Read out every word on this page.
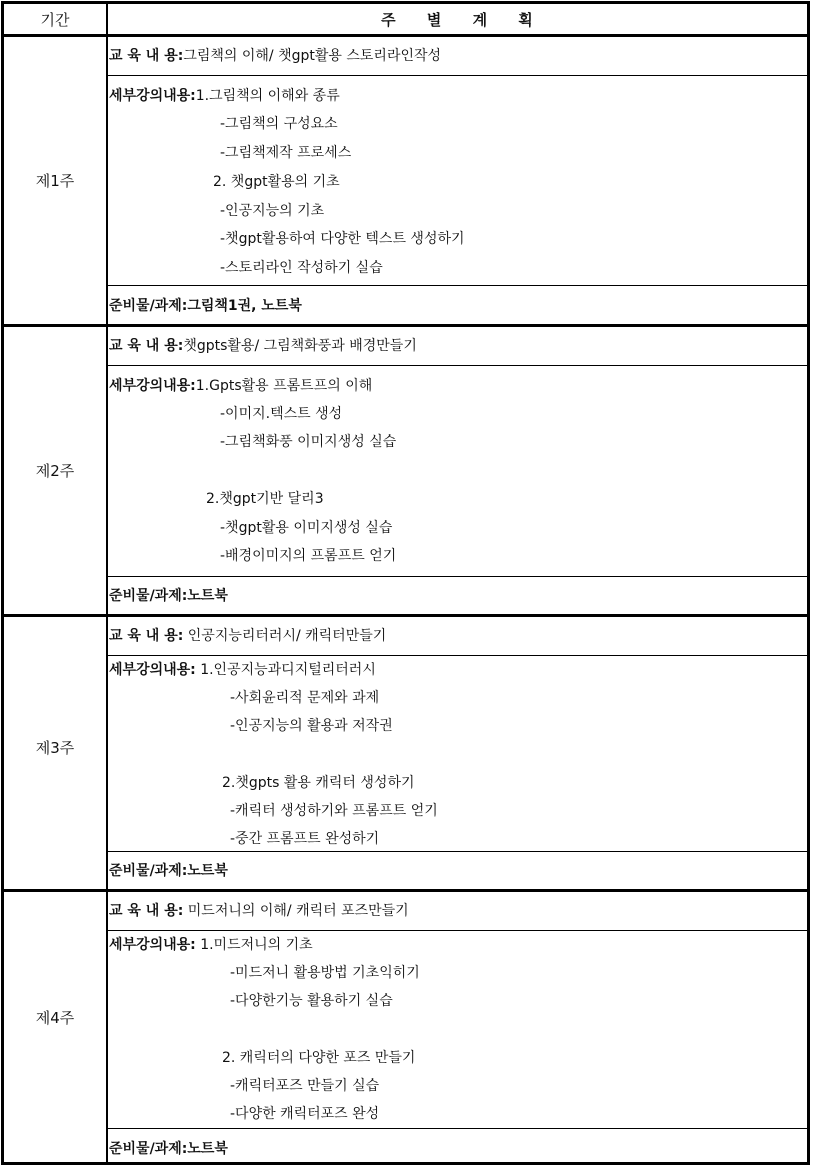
기간	주 별 계 획
제1주
교 육 내 용:그림책의 이해/ 챗gpt활용 스토리라인작성
세부강의내용:1.그림책의 이해와 종류
-그림책의 구성요소
-그림책제작 프로세스
2. 챗gpt활용의 기초
-인공지능의 기초
-챗gpt활용하여 다양한 텍스트 생성하기
-스토리라인 작성하기 실습
준비물/과제:그림책1권, 노트북
제2주
교 육 내 용:챗gpts활용/ 그림책화풍과 배경만들기
세부강의내용:1.Gpts활용 프롬트프의 이해
-이미지.텍스트 생성
-그림책화풍 이미지생성 실습
2.챗gpt기반 달리3
-챗gpt활용 이미지생성 실습
-배경이미지의 프롬프트 얻기
준비물/과제:노트북
제3주
교 육 내 용: 인공지능리터러시/ 캐릭터만들기
세부강의내용: 1.인공지능과디지털리터러시
-사회윤리적 문제와 과제
-인공지능의 활용과 저작권
2.챗gpts 활용 캐릭터 생성하기
-캐릭터 생성하기와 프롬프트 얻기
-중간 프롬프트 완성하기
준비물/과제:노트북
제4주
교 육 내 용: 미드저니의 이해/ 캐릭터 포즈만들기
세부강의내용: 1.미드저니의 기초
-미드저니 활용방법 기초익히기
-다양한기능 활용하기 실습
2. 캐릭터의 다양한 포즈 만들기
-캐릭터포즈 만들기 실습
-다양한 캐릭터포즈 완성
준비물/과제:노트북
